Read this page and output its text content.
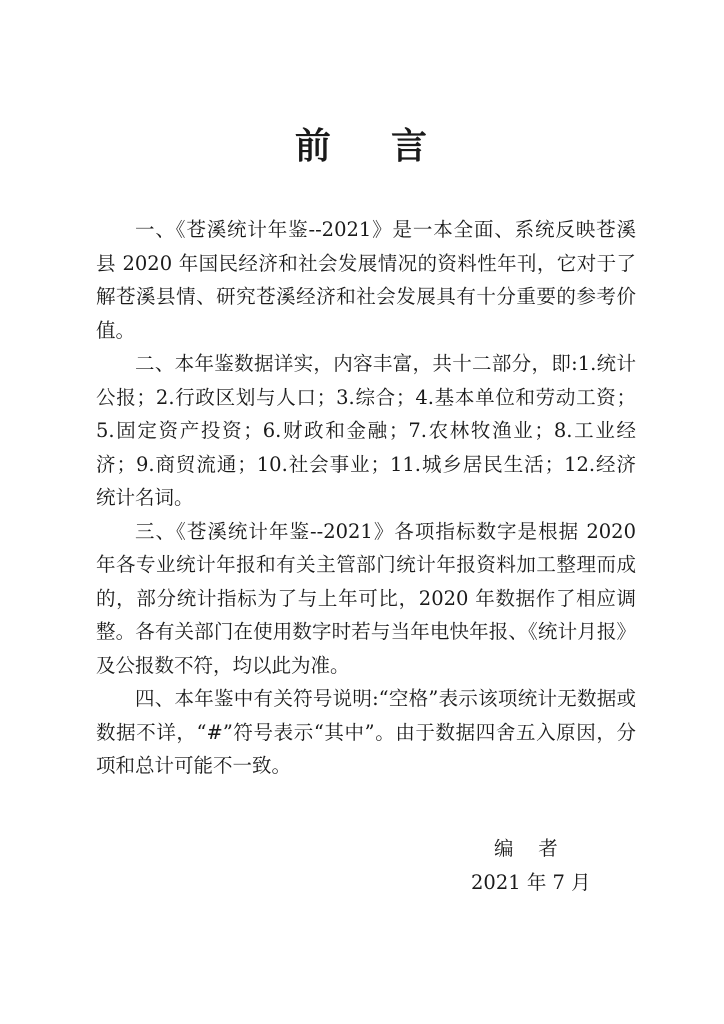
前    言

一、《苍溪统计年鉴--2021》是一本全面、系统反映苍溪县 2020 年国民经济和社会发展情况的资料性年刊，它对于了解苍溪县情、研究苍溪经济和社会发展具有十分重要的参考价值。

二、本年鉴数据详实，内容丰富，共十二部分，即:1.统计公报；2.行政区划与人口；3.综合；4.基本单位和劳动工资；5.固定资产投资；6.财政和金融；7.农林牧渔业；8.工业经济；9.商贸流通；10.社会事业；11.城乡居民生活；12.经济统计名词。

三、《苍溪统计年鉴--2021》各项指标数字是根据 2020 年各专业统计年报和有关主管部门统计年报资料加工整理而成的，部分统计指标为了与上年可比，2020 年数据作了相应调整。各有关部门在使用数字时若与当年电快年报、《统计月报》及公报数不符，均以此为准。

四、本年鉴中有关符号说明:“空格”表示该项统计无数据或数据不详，“#”符号表示“其中”。由于数据四舍五入原因，分项和总计可能不一致。

编    者
2021 年 7 月
